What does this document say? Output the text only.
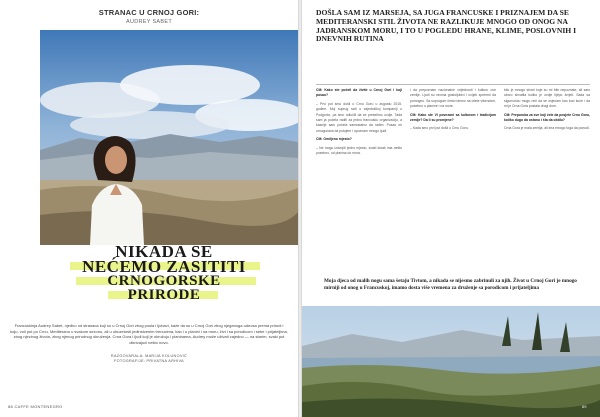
STRANAC U CRNOJ GORI:
AUDREY SABET
NIKADA SE
NEĆEMO ZASITITI
CRNOGORSKE
PRIRODE
Francuskinja Audrey Sabet, njeđno od stranaca koji su u Crnoj Gori zbog posla i ljubavi, kaže da su u Crnoj Gori zbog njeganoga odnosa prema prirodi i koju, voli put po Crnu, Mediteranu u svakom sezonu, ali u obuzetosti jedinstvenim trenucima, kao i u planini i na moru, živi i sa porodicom i sebe i prijateljima, zbog njezinog života, zbog njenog prirodnog okruženja. Crna Gora i ljudi koji je okružuju i planinama, Audrey može uživati zajedno — na starim, svaki put otkrivajući nešto novo.
RAZGOVARALA: MARIJA KOLUNOVIĆ
FOTOGRAFIJE: PRIVATNA ARHIVA
88 CAFFE MONTENEGRO
DOŠLA SAM IZ MARSEJA, SA JUGA FRANCUSKE I PRIZNAJEM DA SE MEDITERANSKI STIL ŽIVOTA NE RAZLIKUJE MNOGO OD ONOG NA JADRANSKOM MORU, I TO U POGLEDU HRANE, KLIME, POSLOVNIH I DNEVNIH RUTINA

CM: Kako ste počeli da živite u Crnoj Gori i koji posao?

– Prvi put smo došli u Crnu Goru u avgustu 2015. godine. Moj suprug radi u zajedničkoj kompaniji u Podgorici, pa smo odlučili da se preselimo ovdje. Tada sam ja počela raditi za jednu francusku organizaciju, a kasnije sam počela samostalno da radim. Posao mi omogućava da putujem i upoznam mnogo ljudi.

CM: Omiljeno mjesto?

– Ne mogu izdvojiti jedno mjesto, svaki kutak ima nešto posebno, od planina do mora.

i da prepoznam nacionalne vrijednosti i kulturu ove zemlje. Ljudi su veoma gostoljubivi i uvijek spremni da pomognu. Sa suprugom često idemo na izlete vikendom, posebno u planine i na more.

CM: Kako ste Vi povezani sa kulturom i tradicijom zemlje? Da li su promjene?

– Kada smo prvi put došli u Crnu Goru,

bilo je mnogo stvari koje su mi bile nepoznate, ali sam ubrzo shvatila koliko je ovdje lijepo živjeti. Sada sa sigurnošću mogu reći da se osjećam kao kod kuće i da mi je Crna Gora postala drugi dom.

CM: Preporuka za sve koji žele da posjete Crnu Goru, koliko dugo da ostanu i šta da obiđu?

Crna Gora je mala zemlja, ali ima mnogo toga da ponudi.

Moja djeca od malih nogu sama šetaju Tivtom, a nikada se nijesmo zabrinuli za njih. Život u Crnoj Gori je mnogo mirniji od onog u Francuskoj, imamo dosta više vremena za druženje sa porodicom i prijateljima
89
